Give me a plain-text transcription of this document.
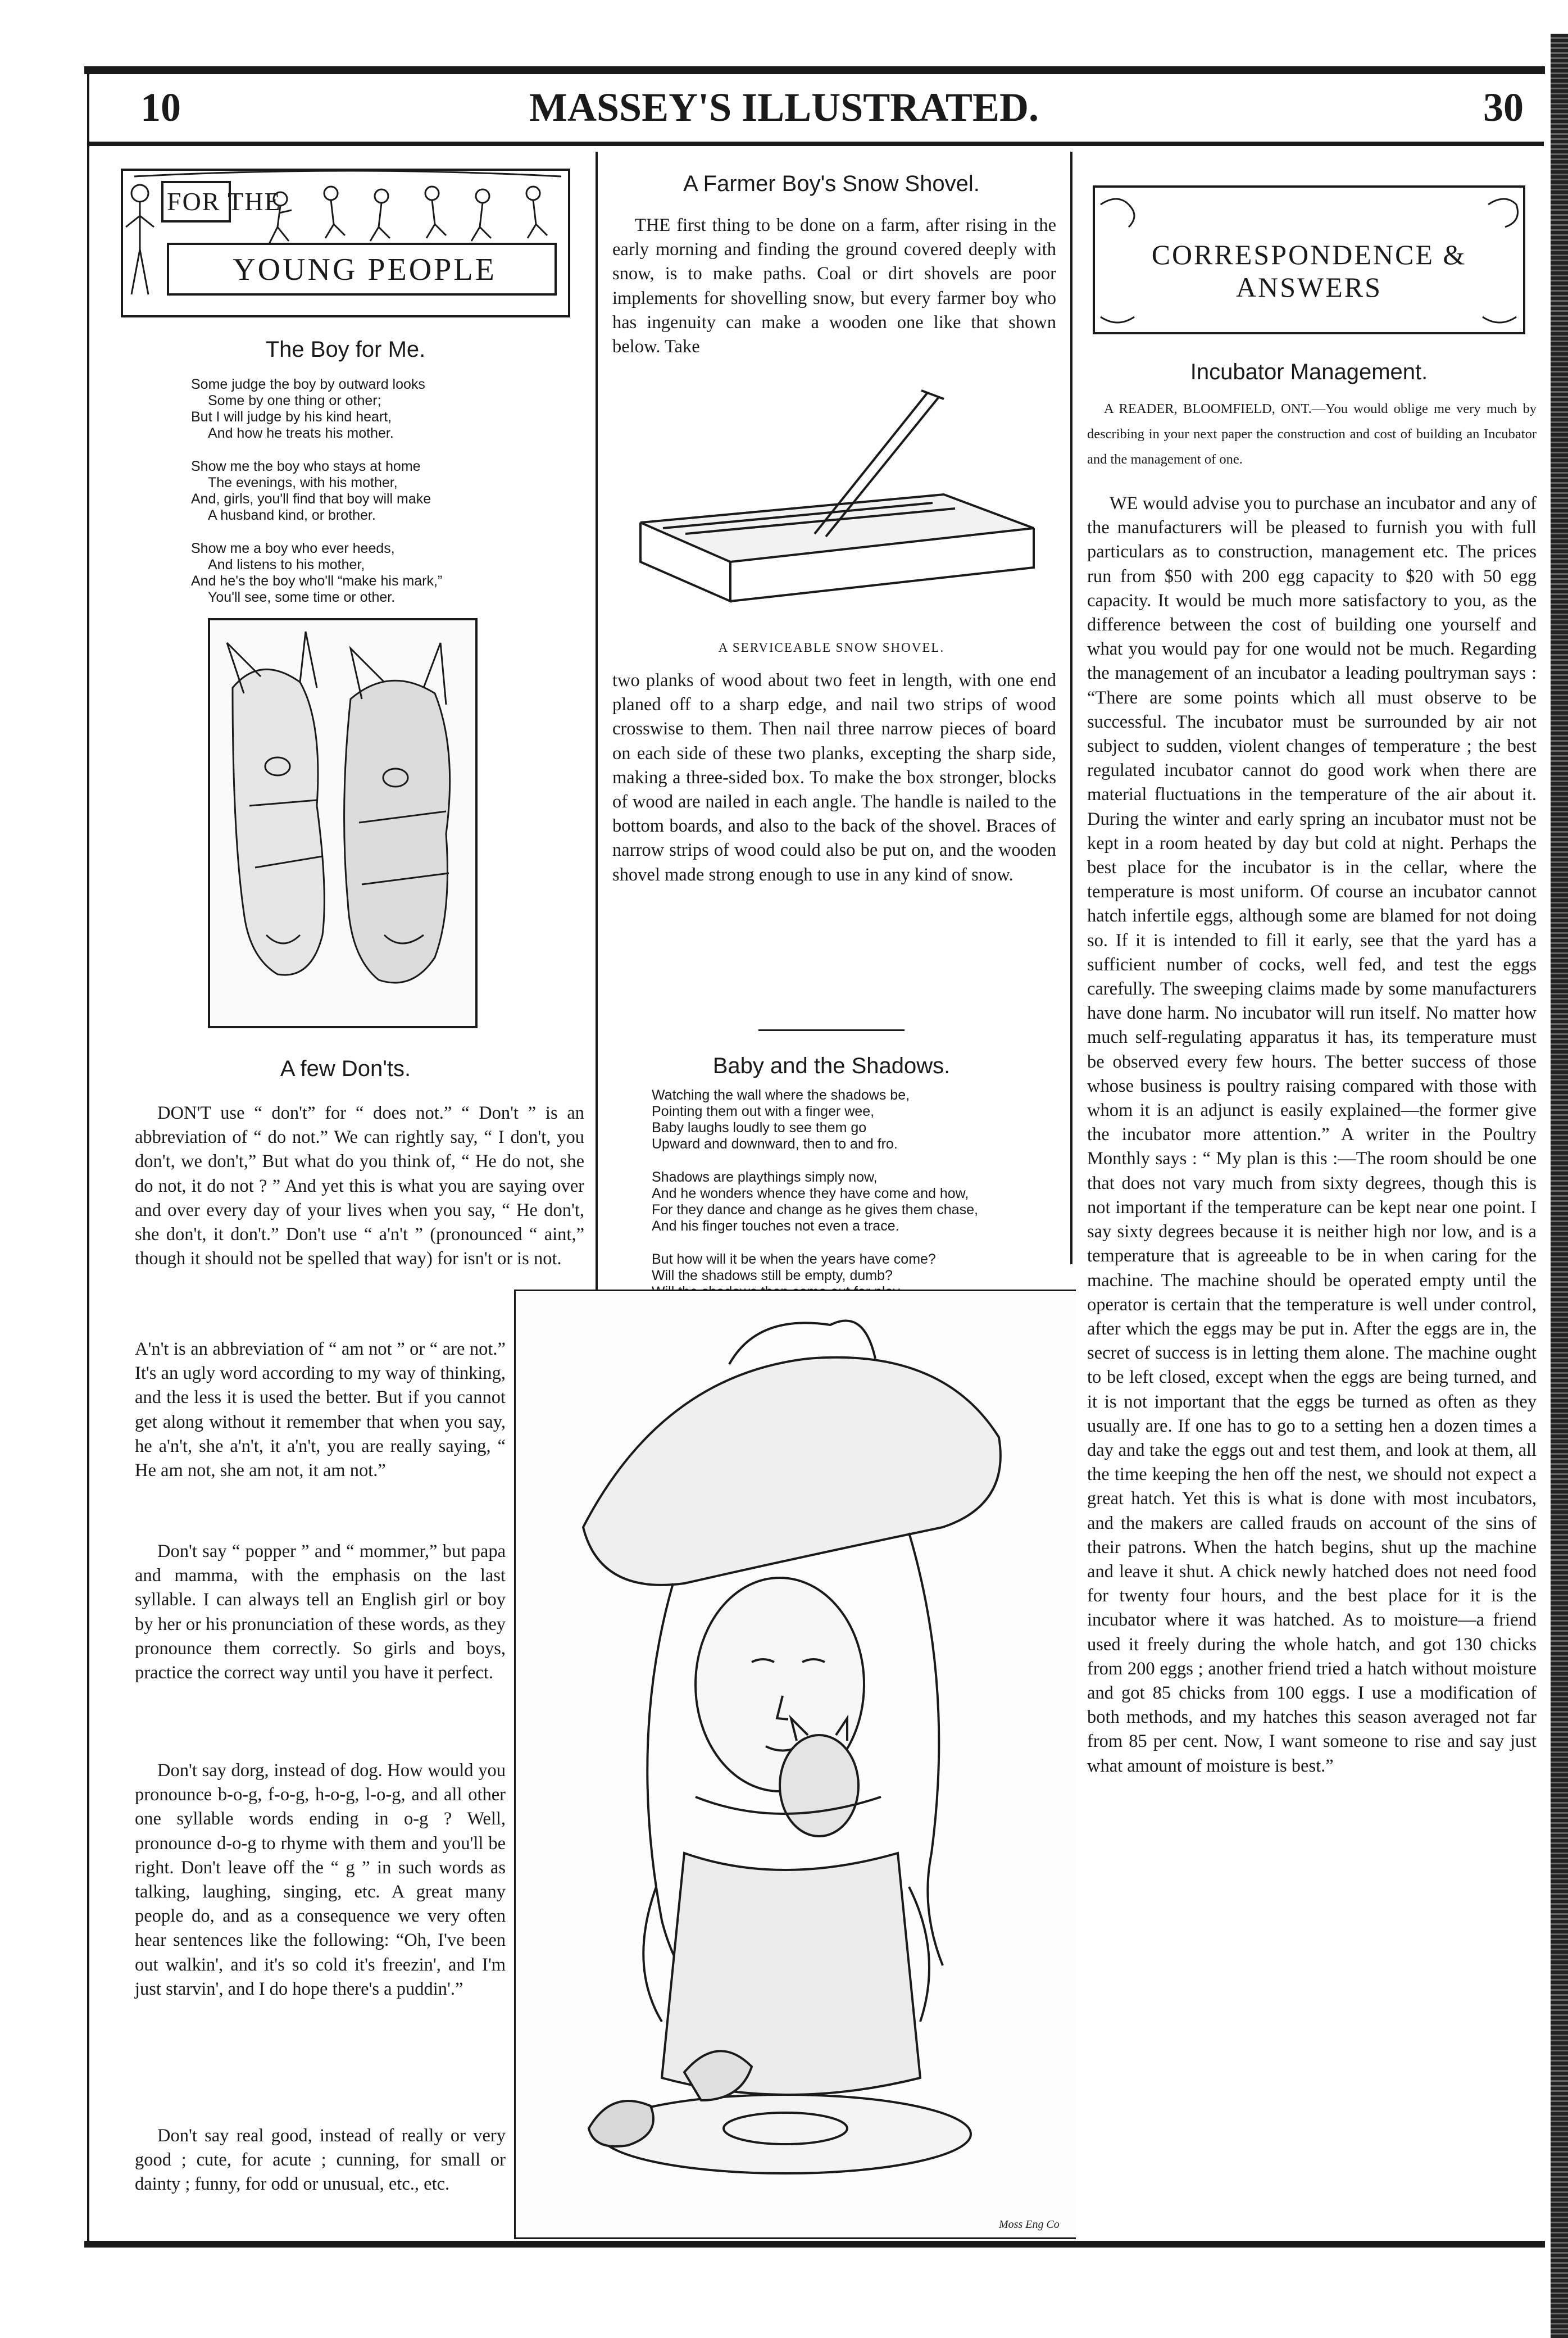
10	MASSEY'S ILLUSTRATED.	30
FOR THE
YOUNG PEOPLE
The Boy for Me.

Some judge the boy by outward looks
Some by one thing or other;
But I will judge by his kind heart,
And how he treats his mother.

Show me the boy who stays at home
The evenings, with his mother,
And, girls, you'll find that boy will make
A husband kind, or brother.

Show me a boy who ever heeds,
And listens to his mother,
And he's the boy who'll “make his mark,”
You'll see, some time or other.

A few Don'ts.

DON'T use “ don't” for “ does not.” “ Don't ” is an abbreviation of “ do not.” We can rightly say, “ I don't, you don't, we don't,” But what do you think of, “ He do not, she do not, it do not ? ” And yet this is what you are saying over and over every day of your lives when you say, “ He don't, she don't, it don't.” Don't use “ a'n't ” (pronounced “ aint,” though it should not be spelled that way) for isn't or is not.

A'n't is an abbreviation of “ am not ” or “ are not.” It's an ugly word according to my way of thinking, and the less it is used the better. But if you cannot get along without it remember that when you say, he a'n't, she a'n't, it a'n't, you are really saying, “ He am not, she am not, it am not.”

Don't say “ popper ” and “ mommer,” but papa and mamma, with the emphasis on the last syllable. I can always tell an English girl or boy by her or his pronunciation of these words, as they pronounce them correctly. So girls and boys, practice the correct way until you have it perfect.

Don't say dorg, instead of dog. How would you pronounce b-o-g, f-o-g, h-o-g, l-o-g, and all other one syllable words ending in o-g ? Well, pronounce d-o-g to rhyme with them and you'll be right. Don't leave off the “ g ” in such words as talking, laughing, singing, etc. A great many people do, and as a consequence we very often hear sentences like the following: “Oh, I've been out walkin', and it's so cold it's freezin', and I'm just starvin', and I do hope there's a puddin'.”

Don't say real good, instead of really or very good ; cute, for acute ; cunning, for small or dainty ; funny, for odd or unusual, etc., etc.

A Farmer Boy's Snow Shovel.

THE first thing to be done on a farm, after rising in the early morning and finding the ground covered deeply with snow, is to make paths. Coal or dirt shovels are poor implements for shovelling snow, but every farmer boy who has ingenuity can make a wooden one like that shown below. Take

A SERVICEABLE SNOW SHOVEL.

two planks of wood about two feet in length, with one end planed off to a sharp edge, and nail two strips of wood crosswise to them. Then nail three narrow pieces of board on each side of these two planks, excepting the sharp side, making a three-sided box. To make the box stronger, blocks of wood are nailed in each angle. The handle is nailed to the bottom boards, and also to the back of the shovel. Braces of narrow strips of wood could also be put on, and the wooden shovel made strong enough to use in any kind of snow.

Baby and the Shadows.

Watching the wall where the shadows be,
Pointing them out with a finger wee,
Baby laughs loudly to see them go
Upward and downward, then to and fro.

Shadows are playthings simply now,
And he wonders whence they have come and how,
For they dance and change as he gives them chase,
And his finger touches not even a trace.

But how will it be when the years have come?
Will the shadows still be empty, dumb?

Moss Eng Co
CORRESPONDENCE & ANSWERS
Incubator Management.
A READER, BLOOMFIELD, ONT.—You would oblige me very much by describing in your next paper the construction and cost of building an Incubator and the management of one.

WE would advise you to purchase an incubator and any of the manufacturers will be pleased to furnish you with full particulars as to construction, management etc. The prices run from $50 with 200 egg capacity to $20 with 50 egg capacity. It would be much more satisfactory to you, as the difference between the cost of building one yourself and what you would pay for one would not be much. Regarding the management of an incubator a leading poultryman says : “There are some points which all must observe to be successful. The incubator must be surrounded by air not subject to sudden, violent changes of temperature ; the best regulated incubator cannot do good work when there are material fluctuations in the temperature of the air about it. During the winter and early spring an incubator must not be kept in a room heated by day but cold at night. Perhaps the best place for the incubator is in the cellar, where the temperature is most uniform. Of course an incubator cannot hatch infertile eggs, although some are blamed for not doing so. If it is intended to fill it early, see that the yard has a sufficient number of cocks, well fed, and test the eggs carefully. The sweeping claims made by some manufacturers have done harm. No incubator will run itself. No matter how much self-regulating apparatus it has, its temperature must be observed every few hours. The better success of those whose business is poultry raising compared with those with whom it is an adjunct is easily explained—the former give the incubator more attention.” A writer in the Poultry Monthly says : “ My plan is this :—The room should be one that does not vary much from sixty degrees, though this is not important if the temperature can be kept near one point. I say sixty degrees because it is neither high nor low, and is a temperature that is agreeable to be in when caring for the machine. The machine should be operated empty until the operator is certain that the temperature is well under control, after which the eggs may be put in. After the eggs are in, the secret of success is in letting them alone. The machine ought to be left closed, except when the eggs are being turned, and it is not important that the eggs be turned as often as they usually are. If one has to go to a setting hen a dozen times a day and take the eggs out and test them, and look at them, all the time keeping the hen off the nest, we should not expect a great hatch. Yet this is what is done with most incubators, and the makers are called frauds on account of the sins of their patrons. When the hatch begins, shut up the machine and leave it shut. A chick newly hatched does not need food for twenty four hours, and the best place for it is the incubator where it was hatched. As to moisture—a friend used it freely during the whole hatch, and got 130 chicks from 200 eggs ; another friend tried a hatch without moisture and got 85 chicks from 100 eggs. I use a modification of both methods, and my hatches this season averaged not far from 85 per cent. Now, I want someone to rise and say just what amount of moisture is best.”
